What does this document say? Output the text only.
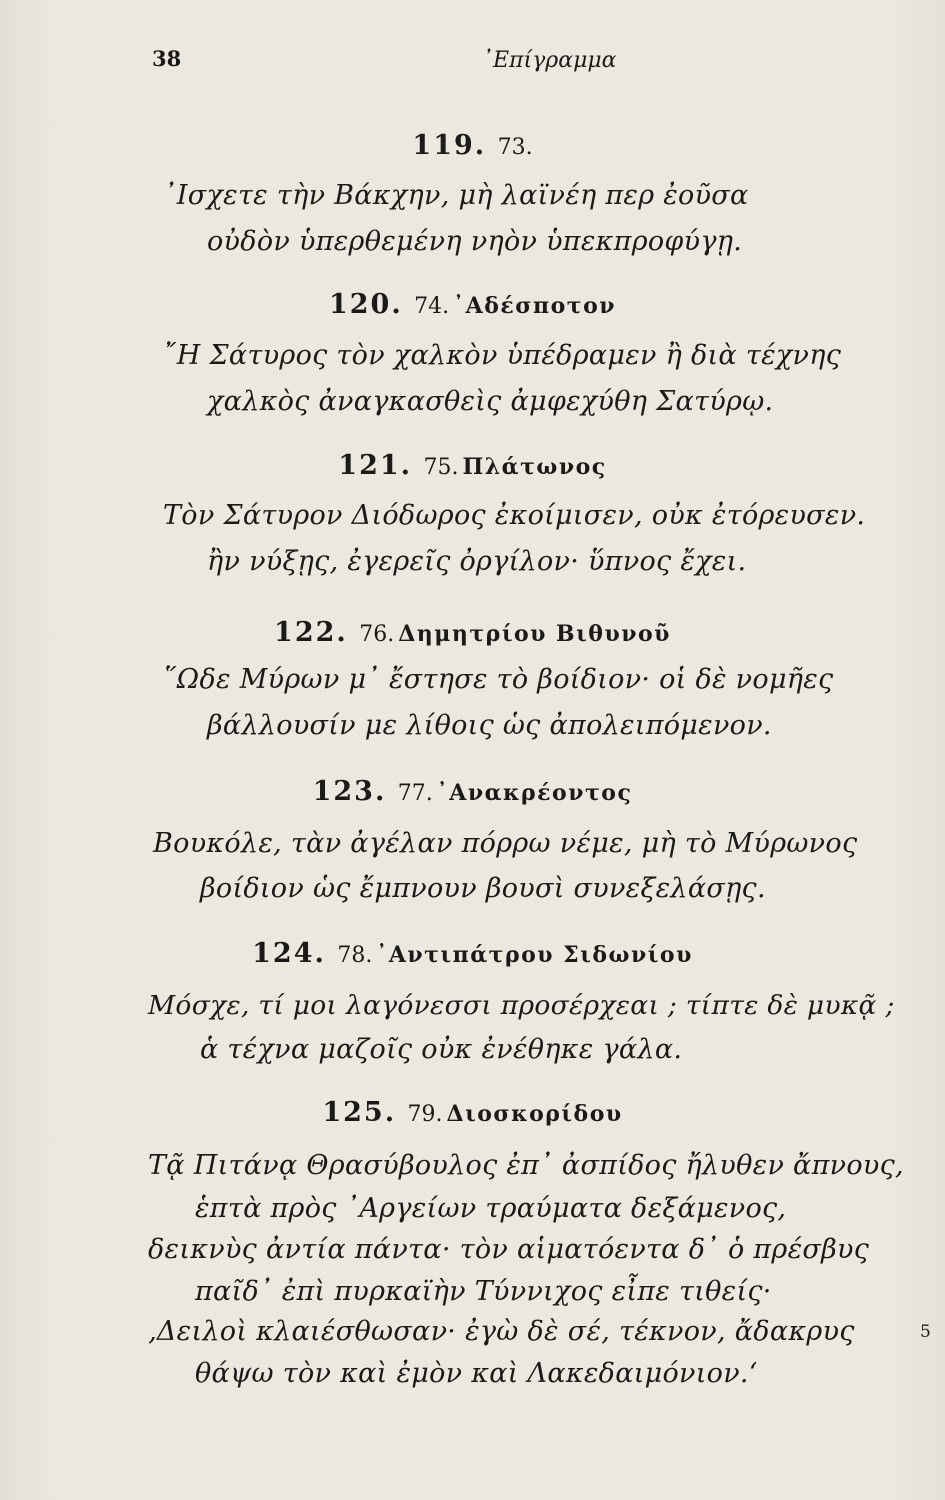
38	᾿Επίγραμμα
119. 73.
᾿Ισχετε τὴν Βάκχην, μὴ λαϊνέη περ ἐοῦσα
οὐδὸν ὑπερθεμένη νηὸν ὑπεκπροφύγῃ.
120. 74. ᾿Αδέσποτον
῎Η Σάτυρος τὸν χαλκὸν ὑπέδραμεν ἢ διὰ τέχνης
χαλκὸς ἀναγκασθεὶς ἀμφεχύθη Σατύρῳ.
121. 75. Πλάτωνος
Τὸν Σάτυρον Διόδωρος ἐκοίμισεν, οὐκ ἐτόρευσεν.
ἢν νύξῃς, ἐγερεῖς ὀργίλον· ὕπνος ἔχει.
122. 76. Δημητρίου Βιθυνοῦ
῞Ωδε Μύρων μ᾿ ἔστησε τὸ βοίδιον· οἱ δὲ νομῆες
βάλλουσίν με λίθοις ὡς ἀπολειπόμενον.
123. 77. ᾿Ανακρέοντος
Βουκόλε, τὰν ἀγέλαν πόρρω νέμε, μὴ τὸ Μύρωνος
βοίδιον ὡς ἔμπνουν βουσὶ συνεξελάσῃς.
124. 78. ᾿Αντιπάτρου Σιδωνίου
Μόσχε, τί μοι λαγόνεσσι προσέρχεαι ; τίπτε δὲ μυκᾷ ;
ἁ τέχνα μαζοῖς οὐκ ἐνέθηκε γάλα.
125. 79. Διοσκορίδου
Τᾷ Πιτάνᾳ Θρασύβουλος ἐπ᾿ ἀσπίδος ἤλυθεν ἄπνους,
ἑπτὰ πρὸς ᾿Αργείων τραύματα δεξάμενος,
δεικνὺς ἀντία πάντα· τὸν αἱματόεντα δ᾿ ὁ πρέσβυς
παῖδ᾿ ἐπὶ πυρκαϊὴν Τύννιχος εἶπε τιθείς·
‚Δειλοὶ κλαιέσθωσαν· ἐγὼ δὲ σέ, τέκνον, ἄδακρυς
θάψω τὸν καὶ ἐμὸν καὶ Λακεδαιμόνιον.‘
5
